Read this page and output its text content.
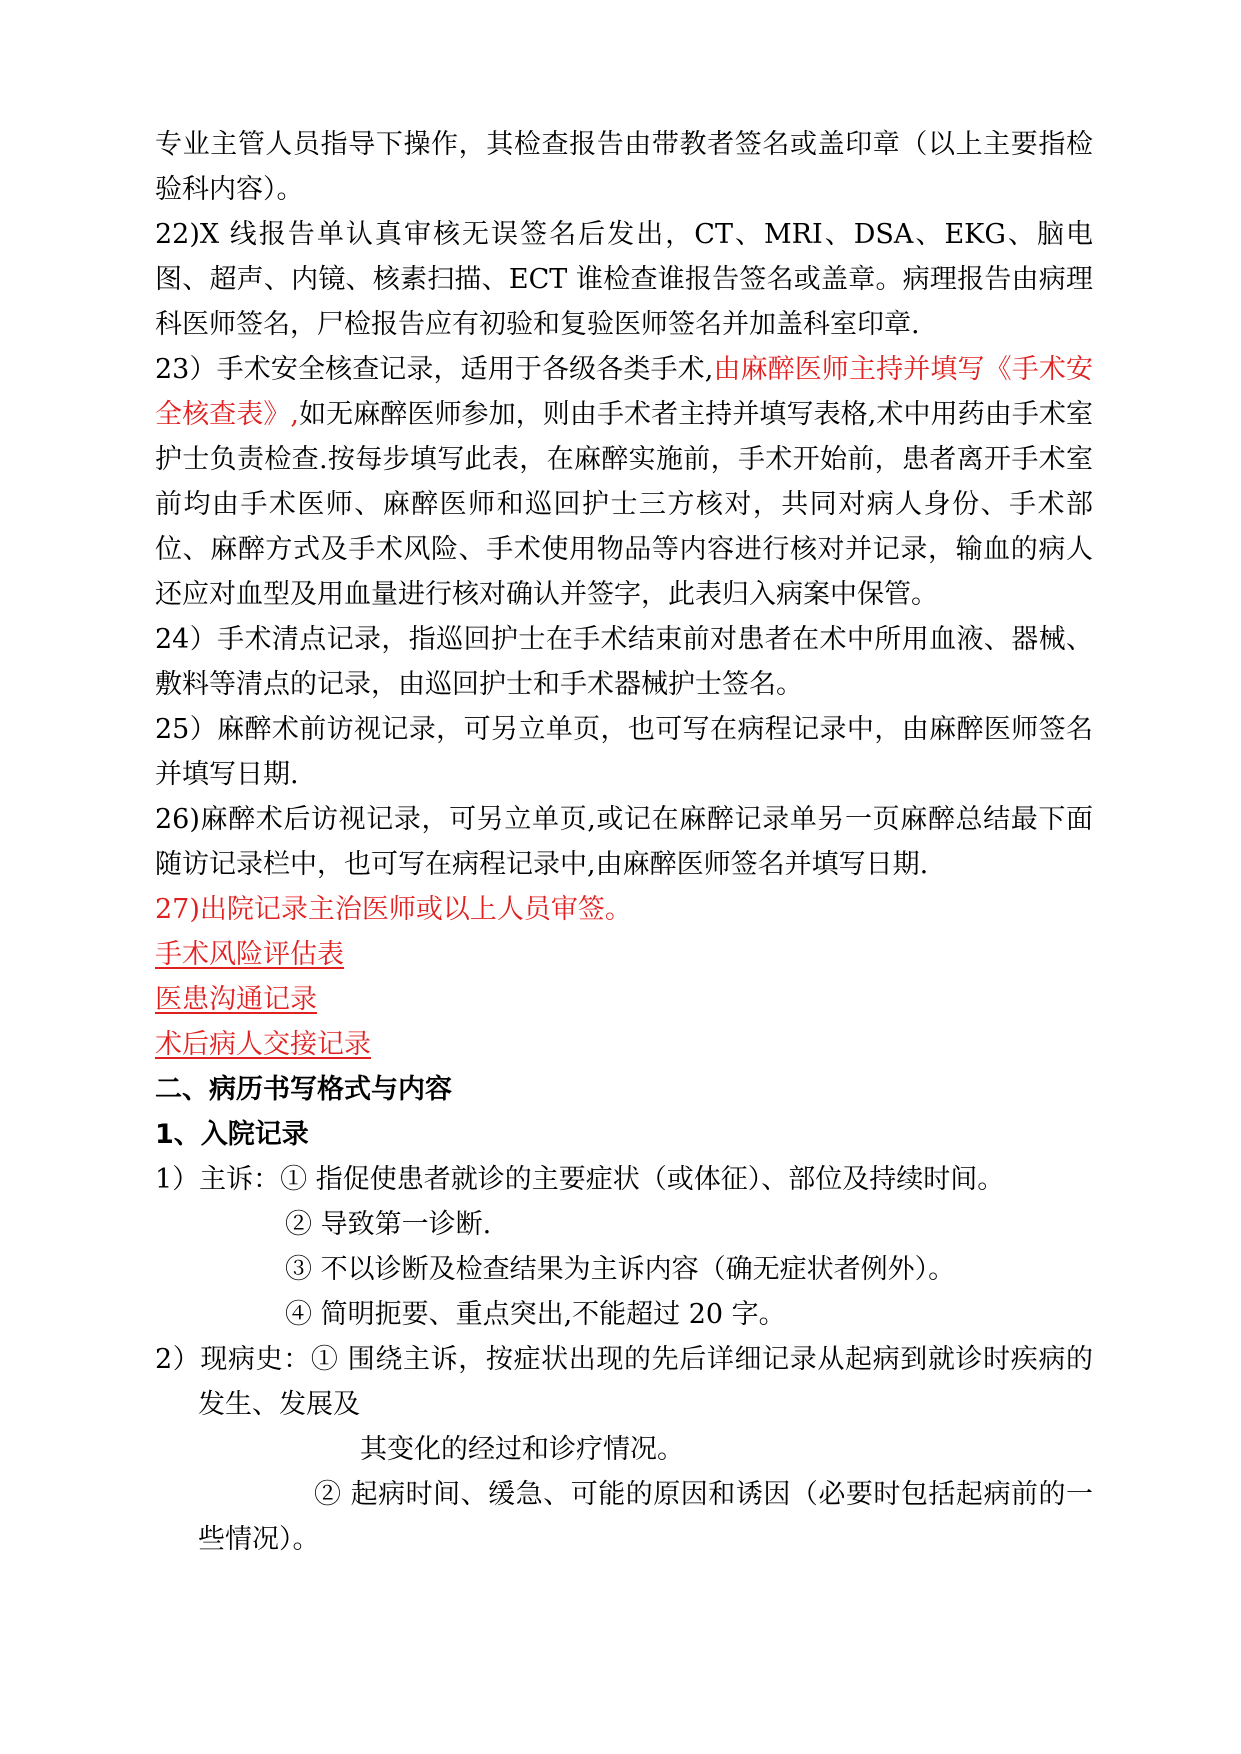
专业主管人员指导下操作，其检查报告由带教者签名或盖印章（以上主要指检验科内容）。

22)X 线报告单认真审核无误签名后发出，CT、MRI、DSA、EKG、脑电图、超声、内镜、核素扫描、ECT 谁检查谁报告签名或盖章。病理报告由病理科医师签名，尸检报告应有初验和复验医师签名并加盖科室印章.

23）手术安全核查记录，适用于各级各类手术,由麻醉医师主持并填写《手术安全核查表》,如无麻醉医师参加，则由手术者主持并填写表格,术中用药由手术室护士负责检查.按每步填写此表，在麻醉实施前，手术开始前，患者离开手术室前均由手术医师、麻醉医师和巡回护士三方核对，共同对病人身份、手术部位、麻醉方式及手术风险、手术使用物品等内容进行核对并记录，输血的病人还应对血型及用血量进行核对确认并签字，此表归入病案中保管。

24）手术清点记录，指巡回护士在手术结束前对患者在术中所用血液、器械、敷料等清点的记录，由巡回护士和手术器械护士签名。

25）麻醉术前访视记录，可另立单页，也可写在病程记录中，由麻醉医师签名并填写日期.

26)麻醉术后访视记录，可另立单页,或记在麻醉记录单另一页麻醉总结最下面随访记录栏中，也可写在病程记录中,由麻醉医师签名并填写日期.

27)出院记录主治医师或以上人员审签。

手术风险评估表

医患沟通记录

术后病人交接记录

二、病历书写格式与内容

1、入院记录

1）主诉：① 指促使患者就诊的主要症状（或体征）、部位及持续时间。

② 导致第一诊断.

③ 不以诊断及检查结果为主诉内容（确无症状者例外）。

④ 简明扼要、重点突出,不能超过 20 字。

2）现病史：① 围绕主诉，按症状出现的先后详细记录从起病到就诊时疾病的发生、发展及

其变化的经过和诊疗情况。

② 起病时间、缓急、可能的原因和诱因（必要时包括起病前的一些情况）。
